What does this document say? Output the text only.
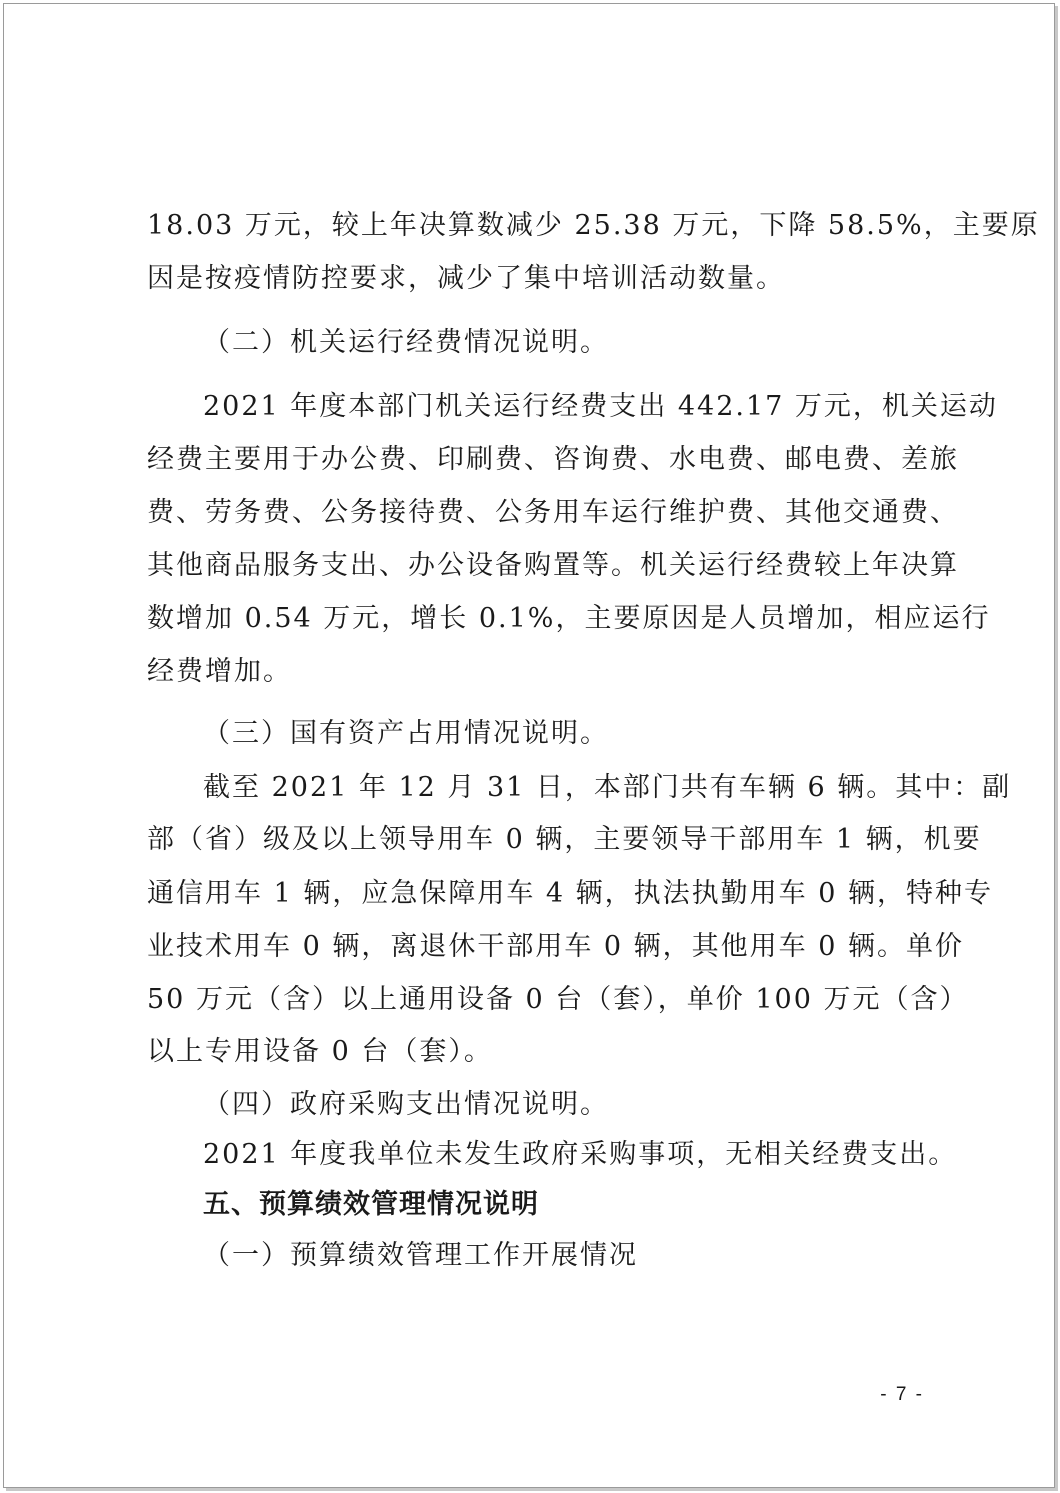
18.03 万元，较上年决算数减少 25.38 万元，下降 58.5%，主要原
因是按疫情防控要求，减少了集中培训活动数量。
（二）机关运行经费情况说明。
2021 年度本部门机关运行经费支出 442.17 万元，机关运动
经费主要用于办公费、印刷费、咨询费、水电费、邮电费、差旅
费、劳务费、公务接待费、公务用车运行维护费、其他交通费、
其他商品服务支出、办公设备购置等。机关运行经费较上年决算
数增加 0.54 万元，增长 0.1%，主要原因是人员增加，相应运行
经费增加。
（三）国有资产占用情况说明。
截至 2021 年 12 月 31 日，本部门共有车辆 6 辆。其中：副
部（省）级及以上领导用车 0 辆，主要领导干部用车 1 辆，机要
通信用车 1 辆，应急保障用车 4 辆，执法执勤用车 0 辆，特种专
业技术用车 0 辆，离退休干部用车 0 辆，其他用车 0 辆。单价
50 万元（含）以上通用设备 0 台（套），单价 100 万元（含）
以上专用设备 0 台（套）。
（四）政府采购支出情况说明。
2021 年度我单位未发生政府采购事项，无相关经费支出。
五、预算绩效管理情况说明
（一）预算绩效管理工作开展情况
- 7 -
